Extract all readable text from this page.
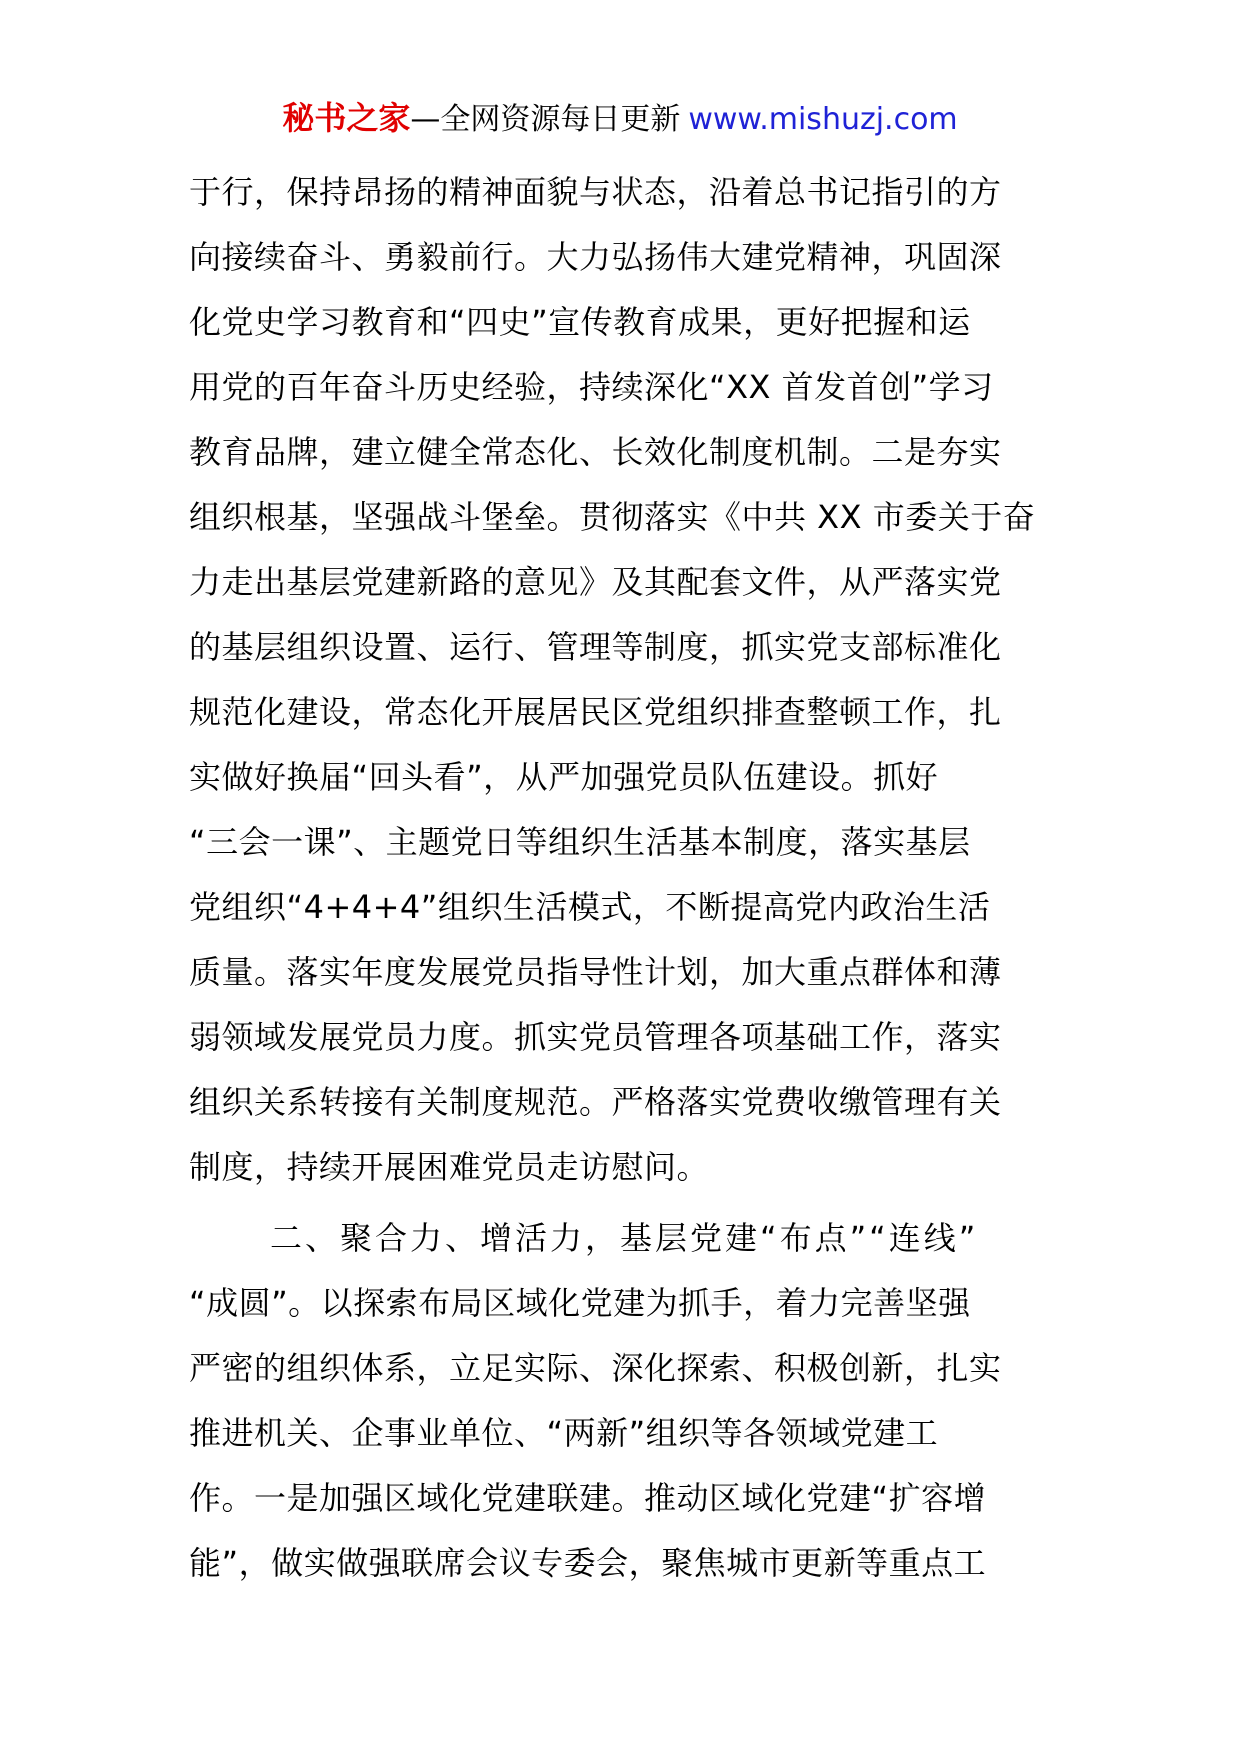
秘书之家—全网资源每日更新 www.mishuzj.com
于行，保持昂扬的精神面貌与状态，沿着总书记指引的方
向接续奋斗、勇毅前行。大力弘扬伟大建党精神，巩固深
化党史学习教育和“四史”宣传教育成果，更好把握和运
用党的百年奋斗历史经验，持续深化“XX 首发首创”学习
教育品牌，建立健全常态化、长效化制度机制。二是夯实
组织根基，坚强战斗堡垒。贯彻落实《中共 XX 市委关于奋
力走出基层党建新路的意见》及其配套文件，从严落实党
的基层组织设置、运行、管理等制度，抓实党支部标准化
规范化建设，常态化开展居民区党组织排查整顿工作，扎
实做好换届“回头看”，从严加强党员队伍建设。抓好
“三会一课”、主题党日等组织生活基本制度，落实基层
党组织“4+4+4”组织生活模式，不断提高党内政治生活
质量。落实年度发展党员指导性计划，加大重点群体和薄
弱领域发展党员力度。抓实党员管理各项基础工作，落实
组织关系转接有关制度规范。严格落实党费收缴管理有关
制度，持续开展困难党员走访慰问。
二、聚合力、增活力，基层党建“布点”“连线”
“成圆”。以探索布局区域化党建为抓手，着力完善坚强
严密的组织体系，立足实际、深化探索、积极创新，扎实
推进机关、企事业单位、“两新”组织等各领域党建工
作。一是加强区域化党建联建。推动区域化党建“扩容增
能”，做实做强联席会议专委会，聚焦城市更新等重点工
